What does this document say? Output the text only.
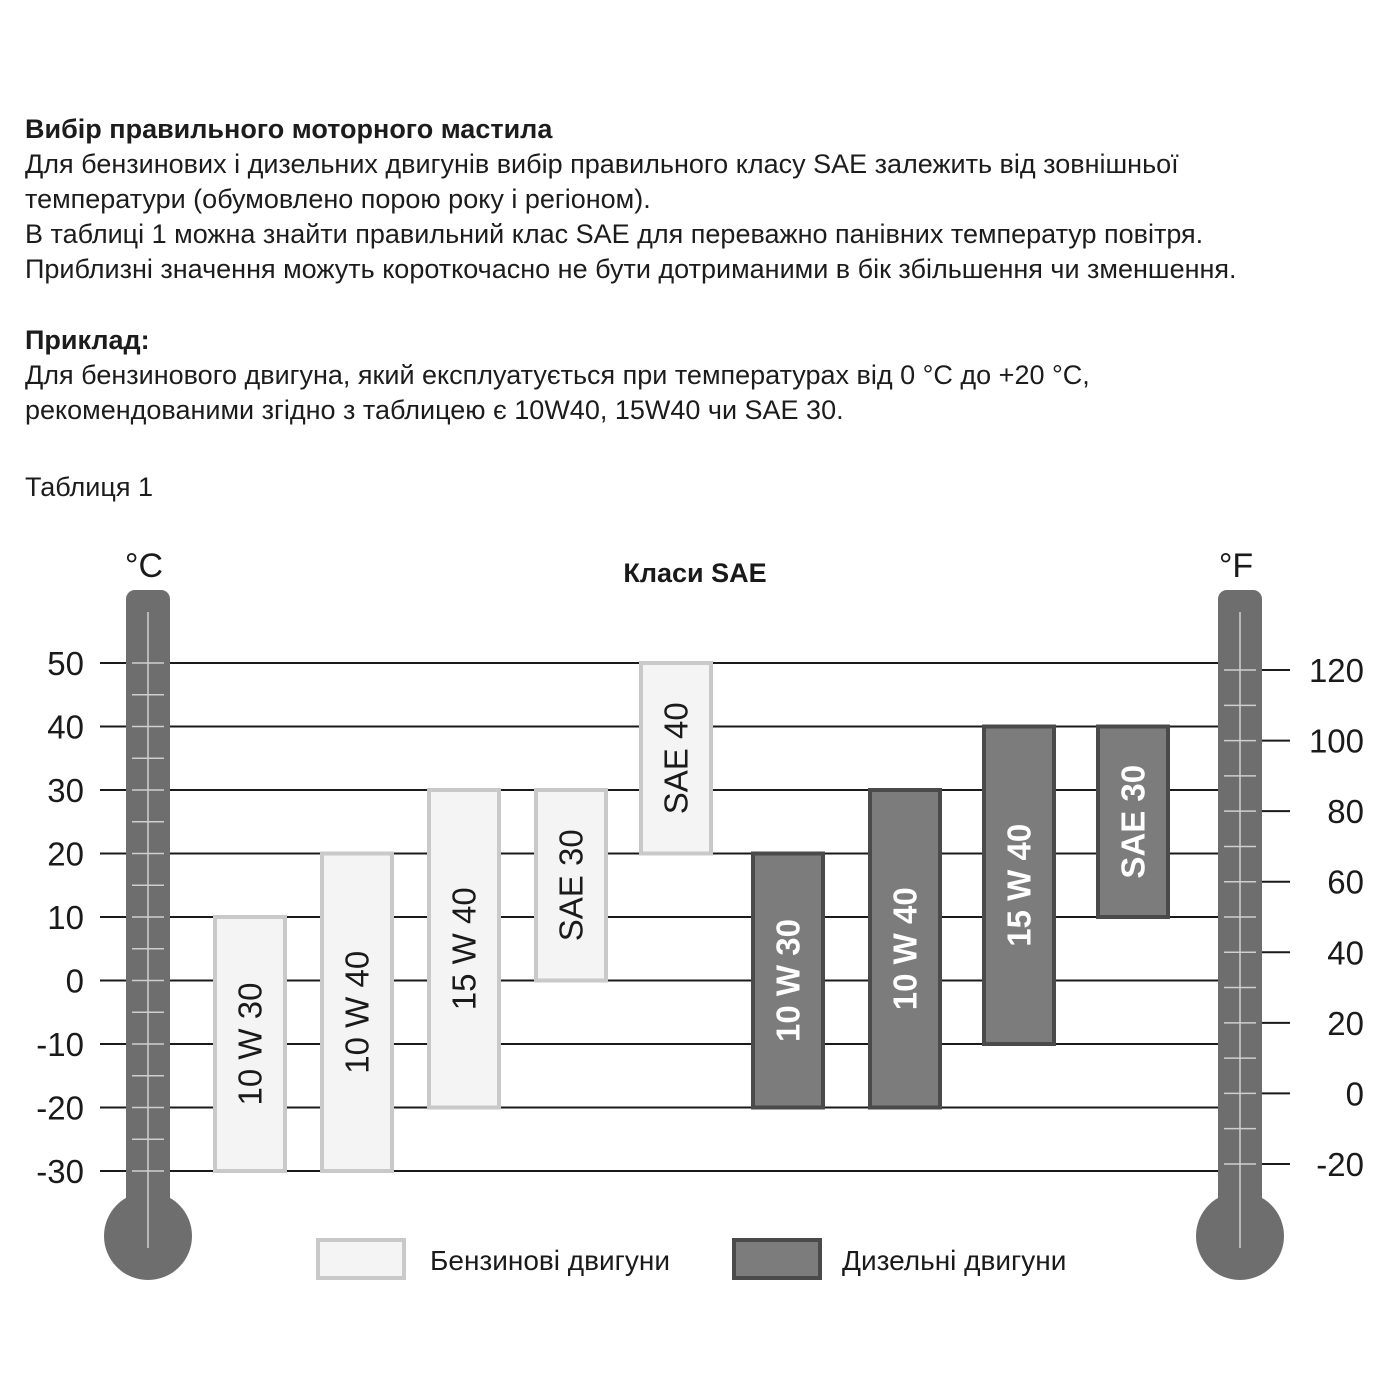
Вибір правильного моторного мастила

Для бензинових і дизельних двигунів вибір правильного класу SAE залежить від зовнішньої

температури (обумовлено порою року і регіоном).

В таблиці 1 можна знайти правильний клас SAE для переважно панівних температур повітря.

Приблизні значення можуть короткочасно не бути дотриманими в бік збільшення чи зменшення.

Приклад:

Для бензинового двигуна, який експлуатується при температурах від 0 °C до +20 °C,

рекомендованими згідно з таблицею є 10W40, 15W40 чи SAE 30.

Таблиця 1
50
40
30
20
10
0
-10
-20
-30
120
100
80
60
40
20
0
-20
10 W 30 10 W 40
15 W 40
SAE 30
SAE 40
10 W 30 10 W 40
15 W 40
SAE 30
°C	°F
Класи SAE
Бензинові двигуни	Дизельні двигуни
